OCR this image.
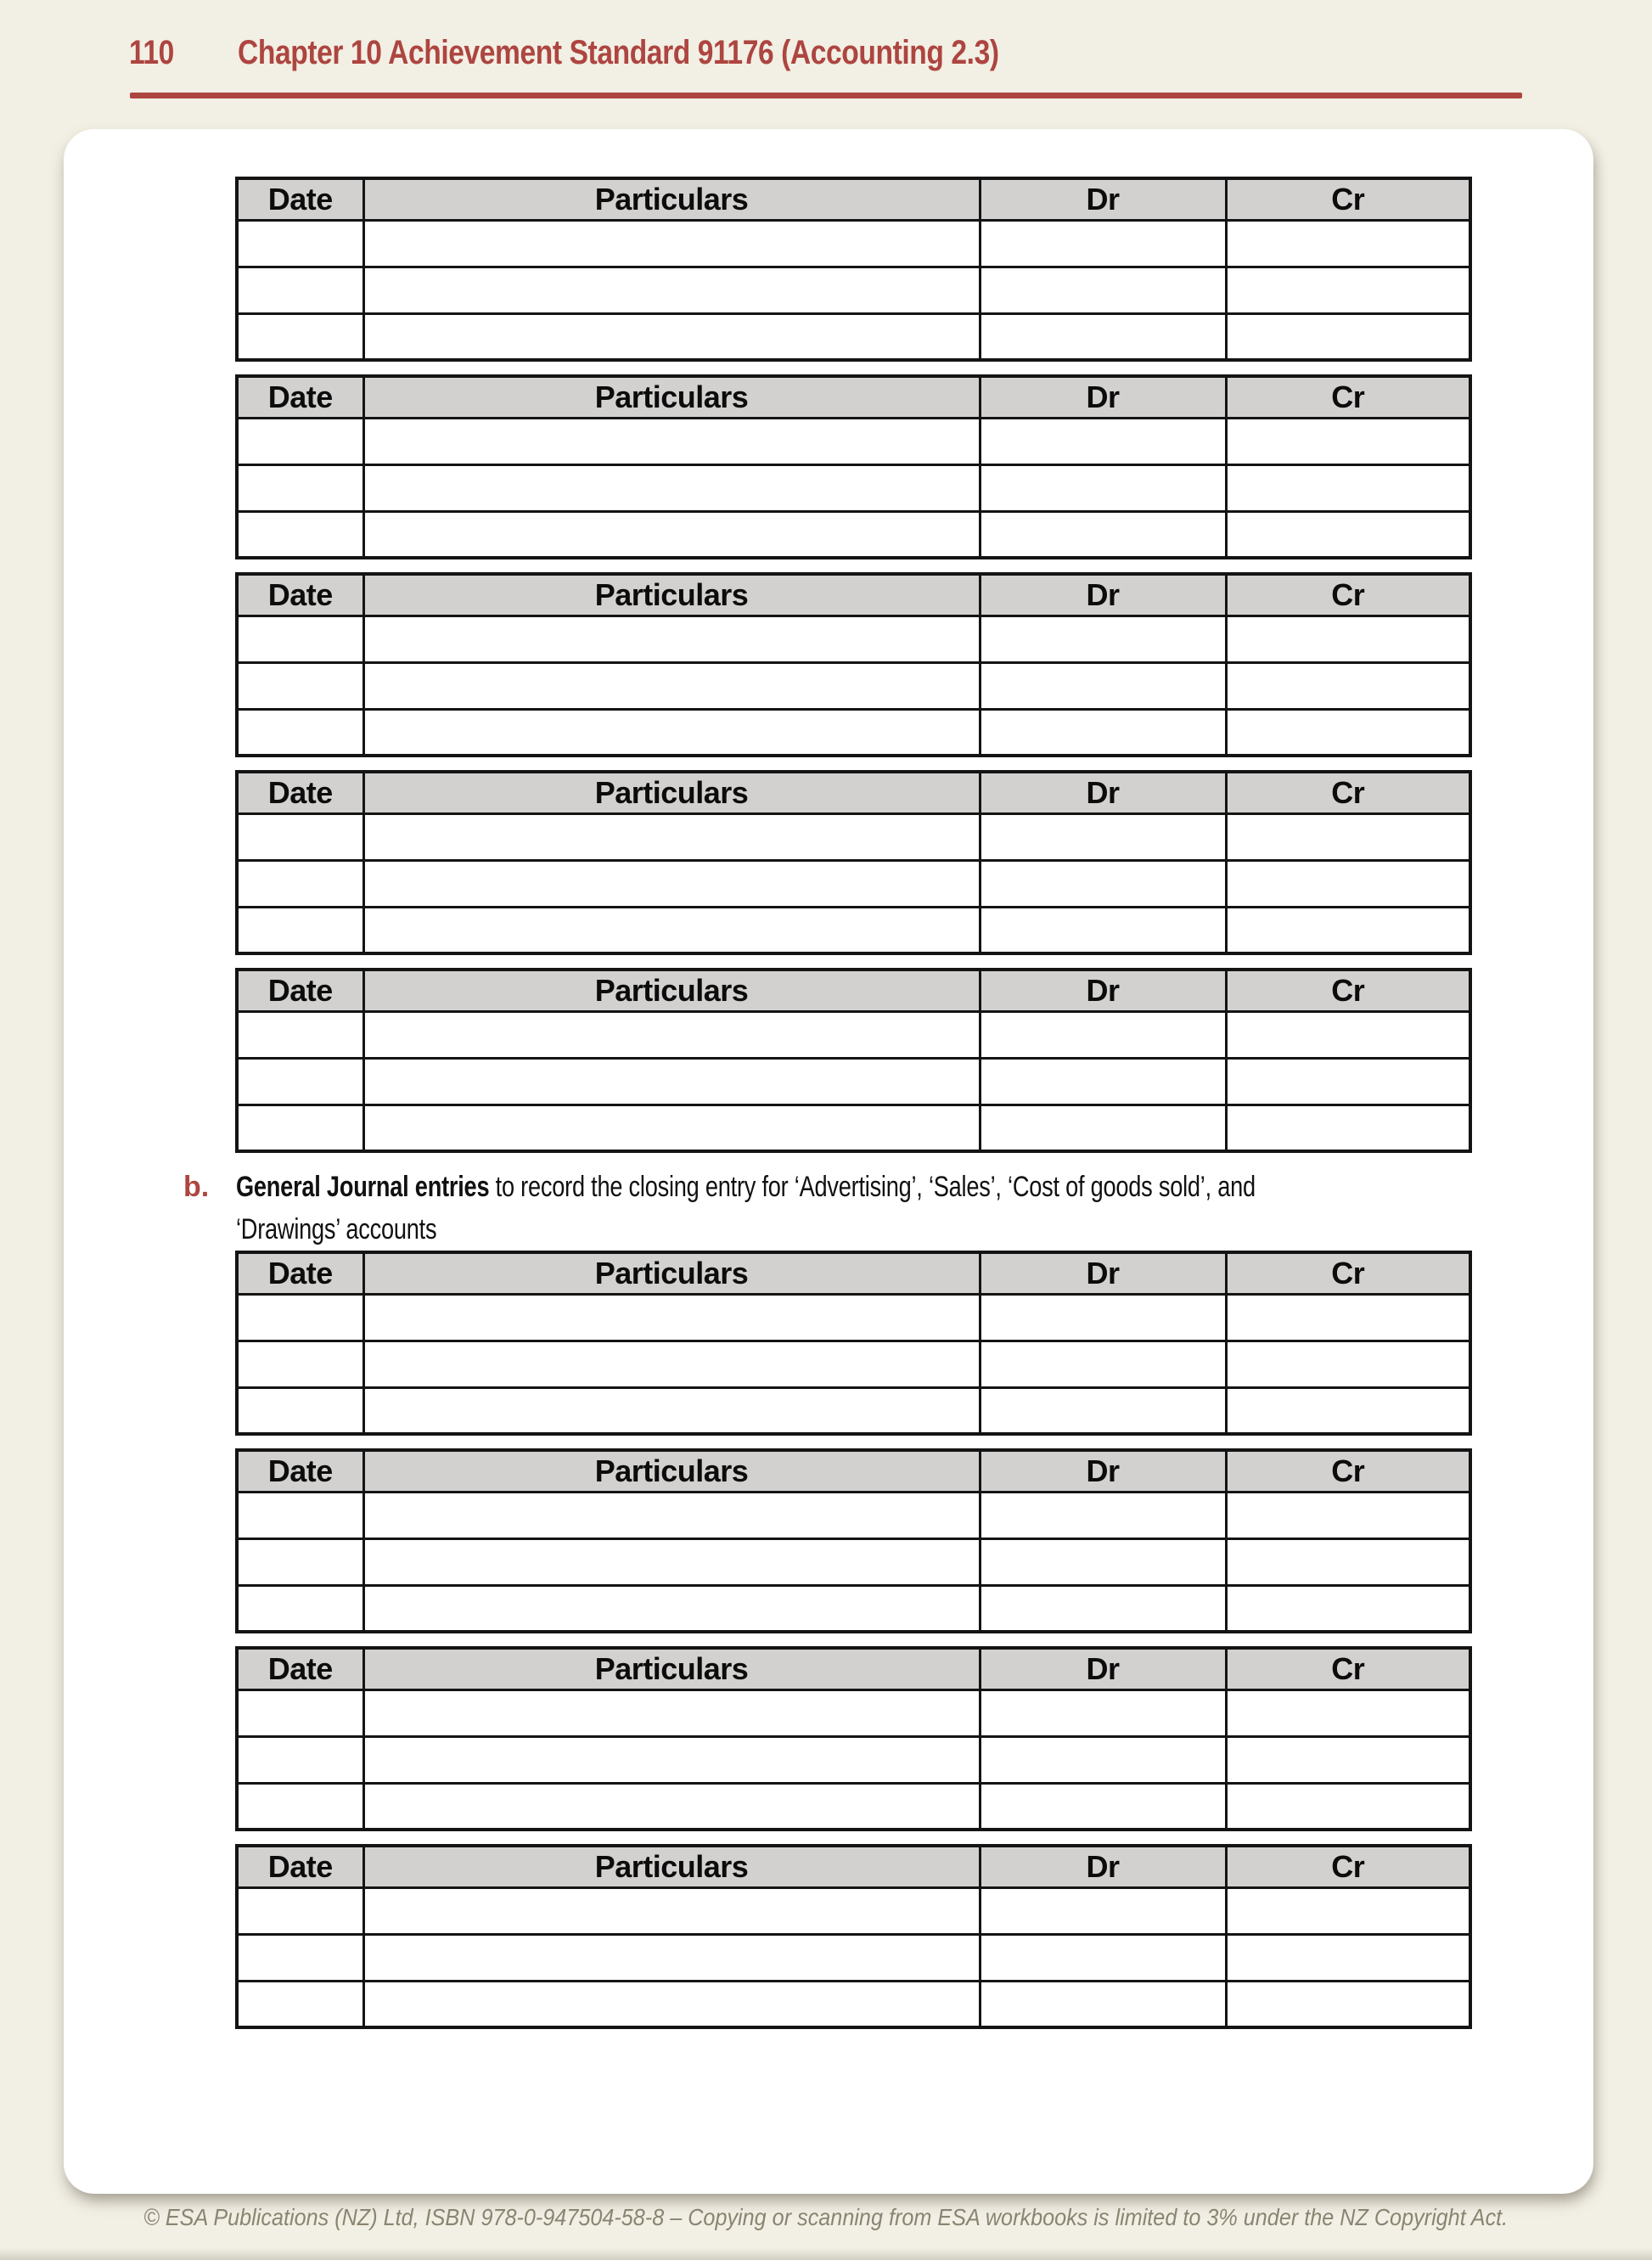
110 Chapter 10 Achievement Standard 91176 (Accounting 2.3)
Date	Particulars	Dr	Cr

Date	Particulars	Dr	Cr

Date	Particulars	Dr	Cr

Date	Particulars	Dr	Cr

Date	Particulars	Dr	Cr

b. General Journal entries to record the closing entry for ‘Advertising’, ‘Sales’, ‘Cost of goods sold’, and
‘Drawings’ accounts
Date	Particulars	Dr	Cr

Date	Particulars	Dr	Cr

Date	Particulars	Dr	Cr

Date	Particulars	Dr	Cr

© ESA Publications (NZ) Ltd, ISBN 978-0-947504-58-8 – Copying or scanning from ESA workbooks is limited to 3% under the NZ Copyright Act.
